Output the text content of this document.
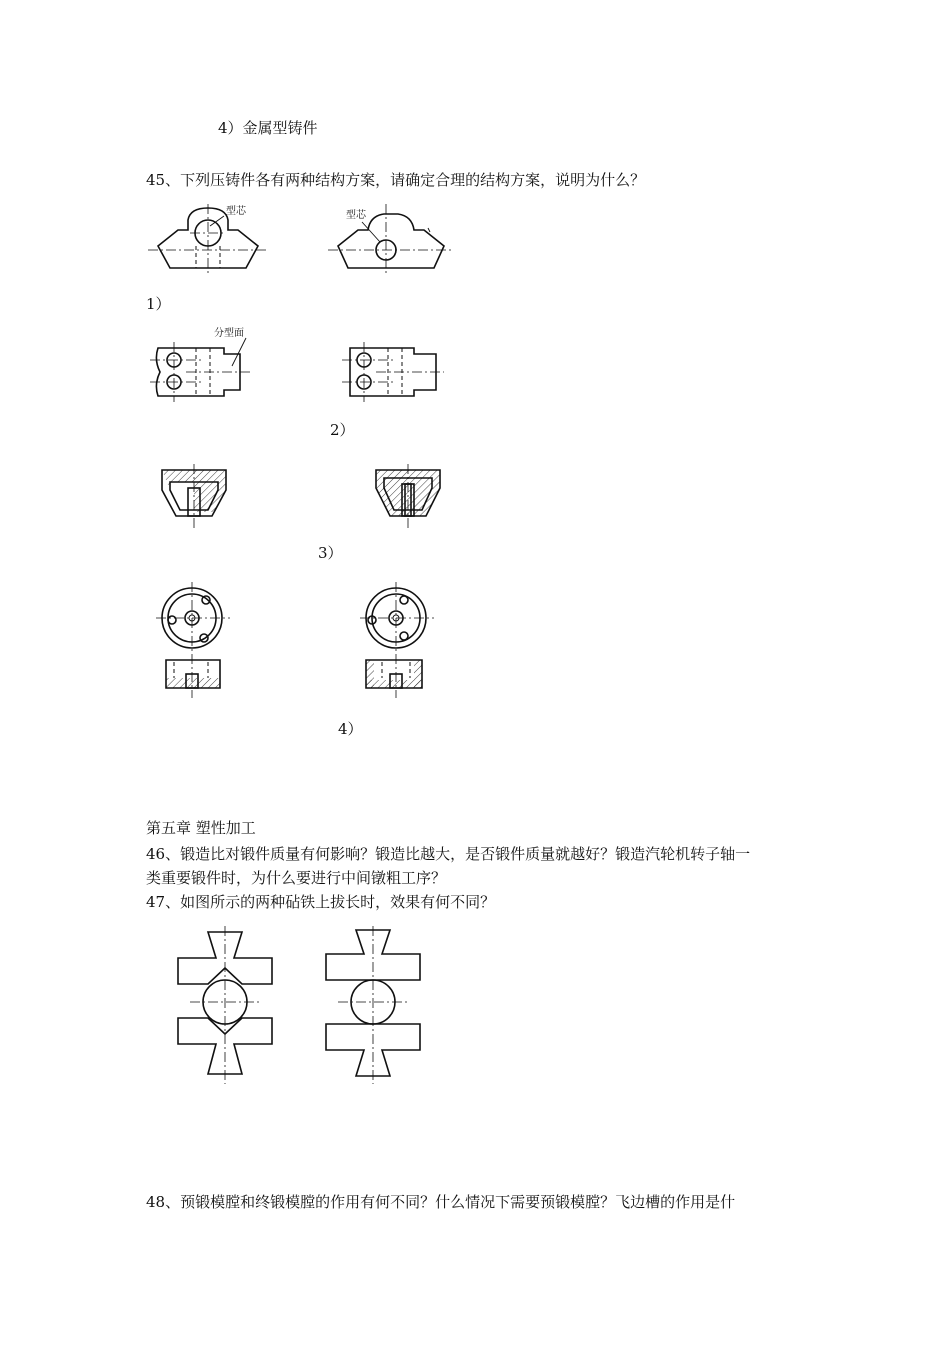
4）金属型铸件
45、下列压铸件各有两种结构方案，请确定合理的结构方案，说明为什么？
1）
2）
3）
4）
第五章 塑性加工
46、锻造比对锻件质量有何影响？锻造比越大，是否锻件质量就越好？锻造汽轮机转子轴一
类重要锻件时，为什么要进行中间镦粗工序？
47、如图所示的两种砧铁上拔长时，效果有何不同？
48、预锻模膛和终锻模膛的作用有何不同？什么情况下需要预锻模膛？飞边槽的作用是什
型芯	型芯
分型面
